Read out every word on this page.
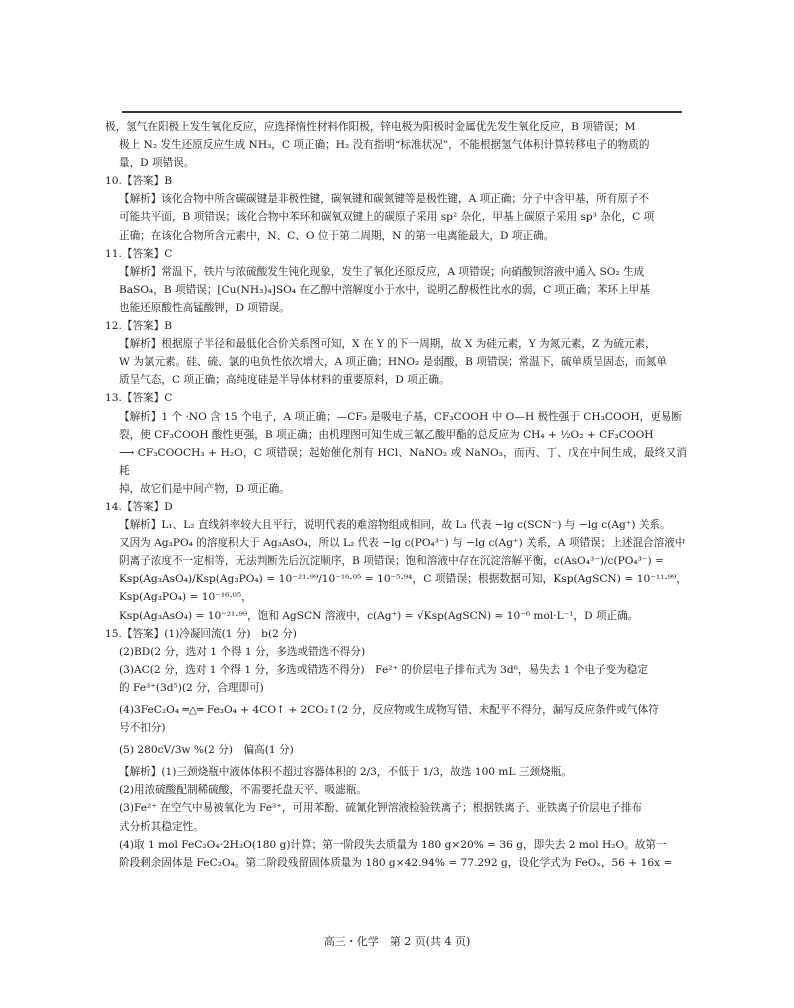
极，氢气在阳极上发生氧化反应，应选择惰性材料作阳极，锌电极为阳极时金属优先发生氧化反应，B 项错误；M
极上 N₂ 发生还原反应生成 NH₃，C 项正确；H₂ 没有指明“标准状况”，不能根据氢气体积计算转移电子的物质的
量，D 项错误。
10.【答案】B
【解析】该化合物中所含碳碳键是非极性键，碳氧键和碳氮键等是极性键，A 项正确；分子中含甲基，所有原子不
可能共平面，B 项错误；该化合物中苯环和碳氧双键上的碳原子采用 sp² 杂化，甲基上碳原子采用 sp³ 杂化，C 项
正确；在该化合物所含元素中，N、C、O 位于第二周期，N 的第一电离能最大，D 项正确。
11.【答案】C
【解析】常温下，铁片与浓硫酸发生钝化现象，发生了氧化还原反应，A 项错误；向硝酸钡溶液中通入 SO₂ 生成
BaSO₄，B 项错误；[Cu(NH₃)₄]SO₄ 在乙醇中溶解度小于水中，说明乙醇极性比水的弱，C 项正确；苯环上甲基
也能还原酸性高锰酸钾，D 项错误。
12.【答案】B
【解析】根据原子半径和最低化合价关系图可知，X 在 Y 的下一周期，故 X 为硅元素，Y 为氮元素，Z 为硫元素，
W 为氯元素。硅、硫、氯的电负性依次增大，A 项正确；HNO₂ 是弱酸，B 项错误；常温下，硫单质呈固态，而氮单
质呈气态，C 项正确；高纯度硅是半导体材料的重要原料，D 项正确。
13.【答案】C
【解析】1 个 ·NO 含 15 个电子，A 项正确；—CF₃ 是吸电子基，CF₃COOH 中 O—H 极性强于 CH₃COOH，更易断
裂，使 CF₃COOH 酸性更强，B 项正确；由机理图可知生成三氟乙酸甲酯的总反应为 CH₄ + ½O₂ + CF₃COOH
⟶ CF₃COOCH₃ + H₂O，C 项错误；起始催化剂有 HCl、NaNO₂ 或 NaNO₃，而丙、丁、戊在中间生成，最终又消耗
掉，故它们是中间产物，D 项正确。
14.【答案】D
【解析】L₁、L₂ 直线斜率较大且平行，说明代表的难溶物组成相同，故 L₃ 代表 −lg c(SCN⁻) 与 −lg c(Ag⁺) 关系。
又因为 Ag₃PO₄ 的溶度积大于 Ag₃AsO₄，所以 L₂ 代表 −lg c(PO₄³⁻) 与 −lg c(Ag⁺) 关系，A 项错误；上述混合溶液中
阴离子浓度不一定相等，无法判断先后沉淀顺序，B 项错误；饱和溶液中存在沉淀溶解平衡，c(AsO₄³⁻)/c(PO₄³⁻) =
Ksp(Ag₃AsO₄)/Ksp(Ag₃PO₄) = 10⁻²¹·⁹⁹/10⁻¹⁶·⁰⁵ = 10⁻⁵·⁹⁴，C 项错误；根据数据可知，Ksp(AgSCN) = 10⁻¹¹·⁹⁹，Ksp(Ag₃PO₄) = 10⁻¹⁶·⁰⁵，
Ksp(Ag₃AsO₄) = 10⁻²¹·⁹⁹，饱和 AgSCN 溶液中，c(Ag⁺) = √Ksp(AgSCN) ≈ 10⁻⁶ mol·L⁻¹，D 项正确。
15.【答案】(1)冷凝回流(1 分)　b(2 分)
(2)BD(2 分，选对 1 个得 1 分，多选或错选不得分)
(3)AC(2 分，选对 1 个得 1 分，多选或错选不得分)　Fe²⁺ 的价层电子排布式为 3d⁶，易失去 1 个电子变为稳定
的 Fe³⁺(3d⁵)(2 分，合理即可)
(4)3FeC₂O₄ ═△═ Fe₃O₄ + 4CO↑ + 2CO₂↑(2 分，反应物或生成物写错、未配平不得分，漏写反应条件或气体符
号不扣分)
(5) 280cV/3w %(2 分)　偏高(1 分)
【解析】(1)三颈烧瓶中液体体积不超过容器体积的 2/3，不低于 1/3，故选 100 mL 三颈烧瓶。
(2)用浓硫酸配制稀硫酸，不需要托盘天平、吸滤瓶。
(3)Fe²⁺ 在空气中易被氧化为 Fe³⁺，可用苯酚、硫氰化钾溶液检验铁离子；根据铁离子、亚铁离子价层电子排布
式分析其稳定性。
(4)取 1 mol FeC₂O₄·2H₂O(180 g)计算；第一阶段失去质量为 180 g×20% = 36 g，即失去 2 mol H₂O。故第一
阶段剩余固体是 FeC₂O₄。第二阶段残留固体质量为 180 g×42.94% = 77.292 g，设化学式为 FeOₓ，56 + 16x =
高三・化学　第 2 页(共 4 页)
